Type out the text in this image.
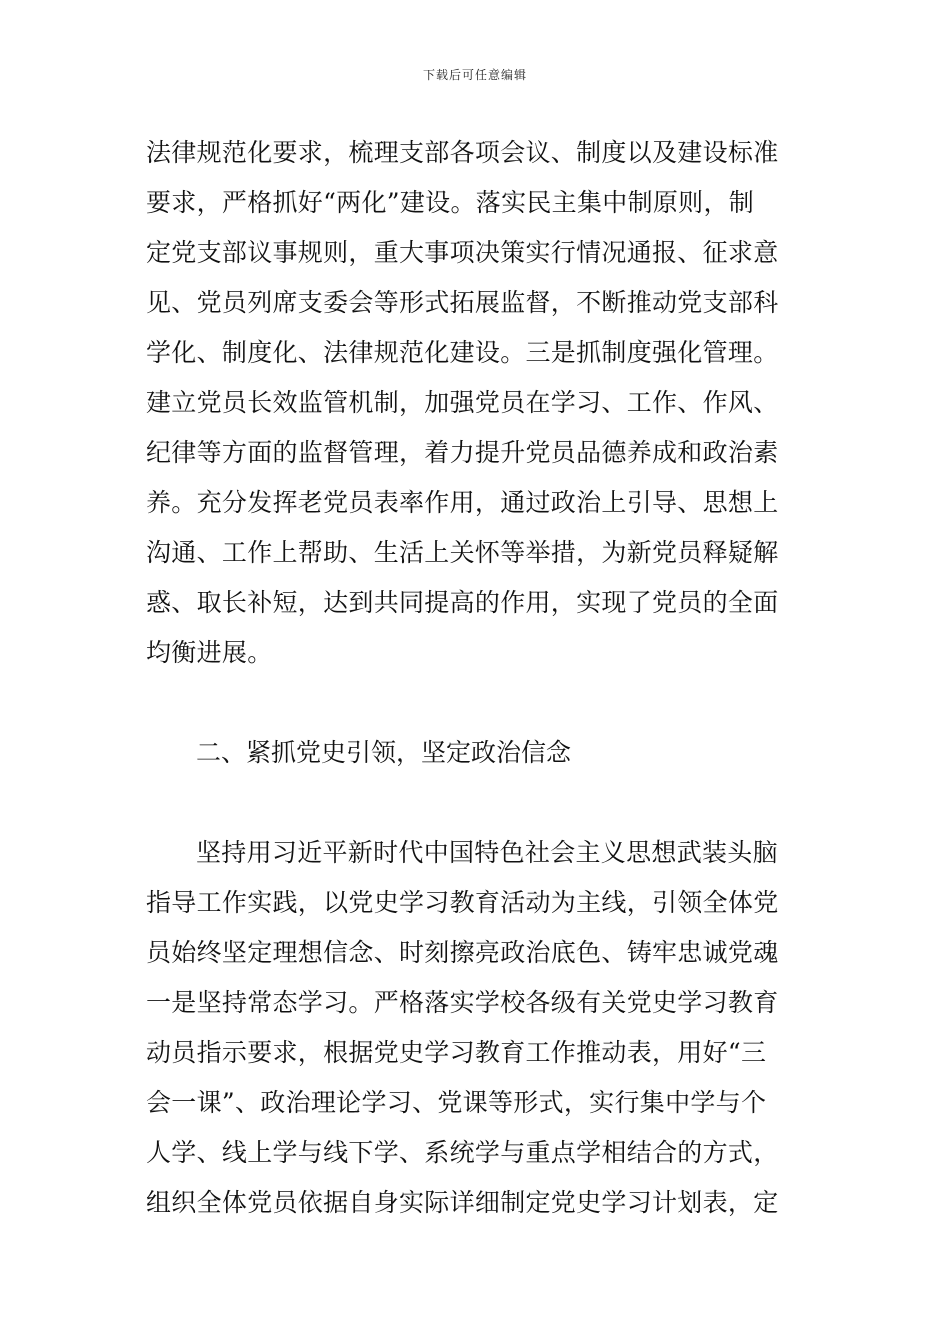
下载后可任意编辑
法律规范化要求，梳理支部各项会议、制度以及建设标准
要求，严格抓好“两化”建设。落实民主集中制原则，制
定党支部议事规则，重大事项决策实行情况通报、征求意
见、党员列席支委会等形式拓展监督，不断推动党支部科
学化、制度化、法律规范化建设。三是抓制度强化管理。
建立党员长效监管机制，加强党员在学习、工作、作风、
纪律等方面的监督管理，着力提升党员品德养成和政治素
养。充分发挥老党员表率作用，通过政治上引导、思想上
沟通、工作上帮助、生活上关怀等举措，为新党员释疑解
惑、取长补短，达到共同提高的作用，实现了党员的全面
均衡进展。
二、紧抓党史引领，坚定政治信念
坚持用习近平新时代中国特色社会主义思想武装头脑
指导工作实践，以党史学习教育活动为主线，引领全体党
员始终坚定理想信念、时刻擦亮政治底色、铸牢忠诚党魂
一是坚持常态学习。严格落实学校各级有关党史学习教育
动员指示要求，根据党史学习教育工作推动表，用好“三
会一课”、政治理论学习、党课等形式，实行集中学与个
人学、线上学与线下学、系统学与重点学相结合的方式，
组织全体党员依据自身实际详细制定党史学习计划表，定
